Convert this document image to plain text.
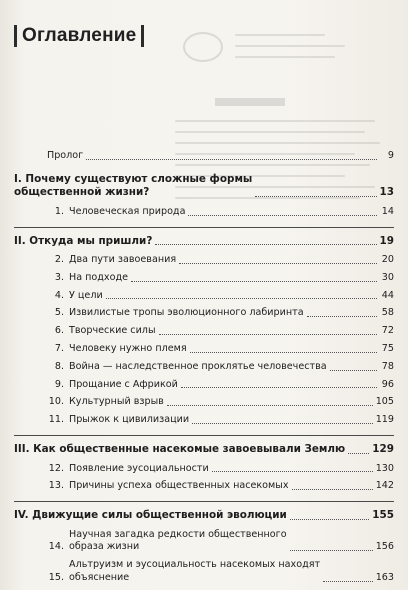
Оглавление
Пролог	9
I. Почему существуют сложные формы
общественной жизни?	13
1. Человеческая природа	14
II. Откуда мы пришли?	19
2. Два пути завоевания	20
3. На подходе	30
4. У цели	44
5. Извилистые тропы эволюционного лабиринта	58
6. Творческие силы	72
7. Человеку нужно племя	75
8. Война — наследственное проклятье человечества	78
9. Прощание с Африкой	96
10. Культурный взрыв	105
11. Прыжок к цивилизации	119
III. Как общественные насекомые завоевывали Землю	129
12. Появление эусоциальности	130
13. Причины успеха общественных насекомых	142
IV. Движущие силы общественной эволюции	155
14.
Научная загадка редкости общественного
образа жизни	156
15.
Альтруизм и эусоциальность насекомых находят
объяснение	163
